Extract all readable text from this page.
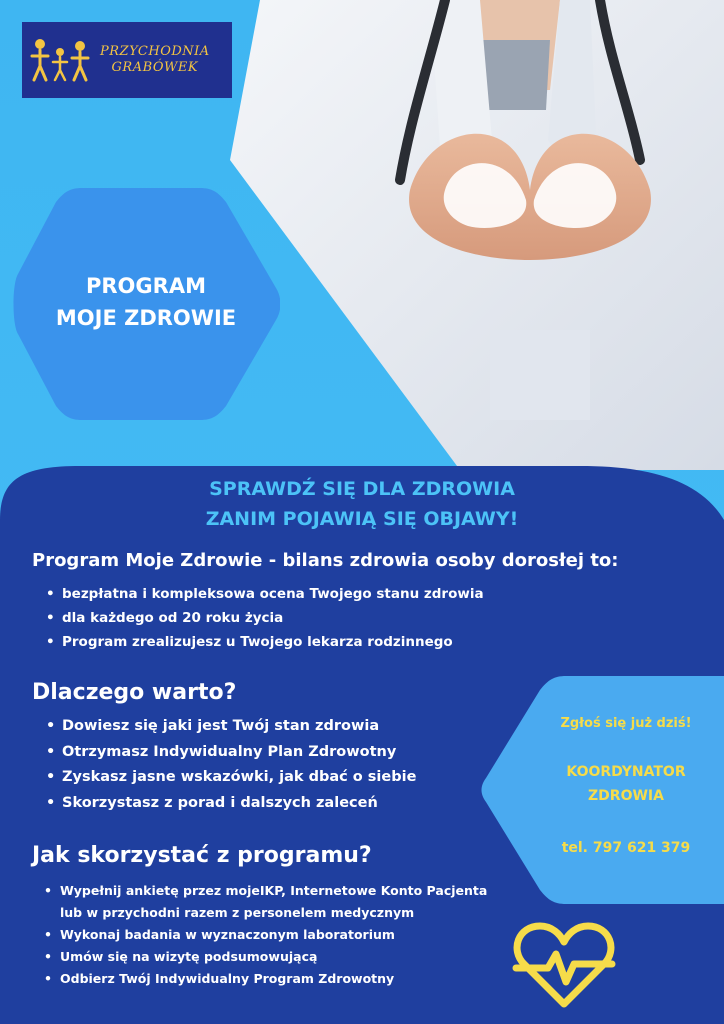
PRZYCHODNIA
GRABÓWEK
PROGRAM
MOJE ZDROWIE
SPRAWDŹ SIĘ DLA ZDROWIA
ZANIM POJAWIĄ SIĘ OBJAWY!
Program Moje Zdrowie - bilans zdrowia osoby dorosłej to:
• bezpłatna i kompleksowa ocena Twojego stanu zdrowia
• dla każdego od 20 roku życia
• Program zrealizujesz u Twojego lekarza rodzinnego
Dlaczego warto?
• Dowiesz się jaki jest Twój stan zdrowia
• Otrzymasz Indywidualny Plan Zdrowotny
• Zyskasz jasne wskazówki, jak dbać o siebie
• Skorzystasz z porad i dalszych zaleceń
Jak skorzystać z programu?
• Wypełnij ankietę przez mojeIKP, Internetowe Konto Pacjenta
lub w przychodni razem z personelem medycznym
• Wykonaj badania w wyznaczonym laboratorium
• Umów się na wizytę podsumowującą
• Odbierz Twój Indywidualny Program Zdrowotny
Zgłoś się już dziś!
KOORDYNATOR
ZDROWIA
tel. 797 621 379
